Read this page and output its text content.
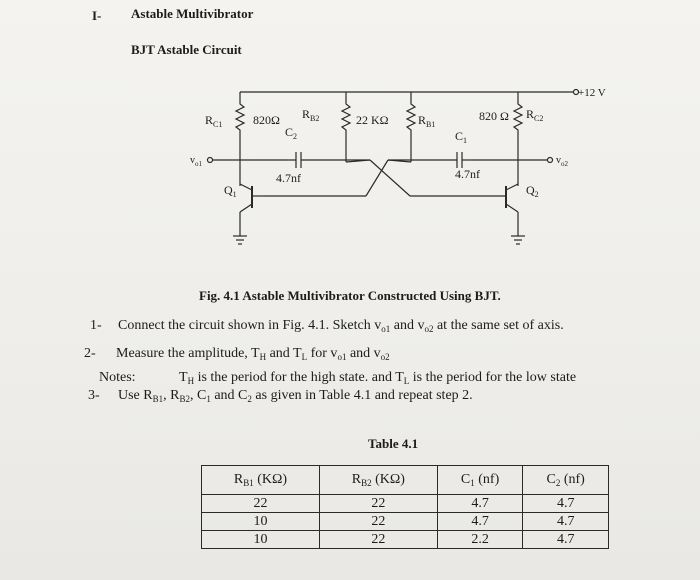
I- Astable Multivibrator
BJT Astable Circuit
+12 V
$R_{C1}$	820Ω $R_{B2}$
$C_2$
22 KΩ $R_{B1}$
820 Ω $R_{C2}$
$C_1$
$v_{o1}$	$v_{o2}$
4.7nf	4.7nf
$Q_1$	$Q_2$
Fig. 4.1 Astable Multivibrator Constructed Using BJT.
1- Connect the circuit shown in Fig. 4.1. Sketch $v_{o1}$ and $v_{o2}$ at the same set of axis.
2- Measure the amplitude, $T_H$ and $T_L$ for $v_{o1}$ and $v_{o2}$
Notes:	$T_H$ is the period for the high state. and $T_L$ is the period for the low state
3- Use $R_{B1}$, $R_{B2}$, $C_1$ and $C_2$ as given in Table 4.1 and repeat step 2.
Table 4.1
$R_{B1}$ (KΩ)	$R_{B2}$ (KΩ)	$C_1$ (nf)	$C_2$ (nf)
22	22	4.7	4.7
10	22	4.7	4.7
10	22	2.2	4.7
